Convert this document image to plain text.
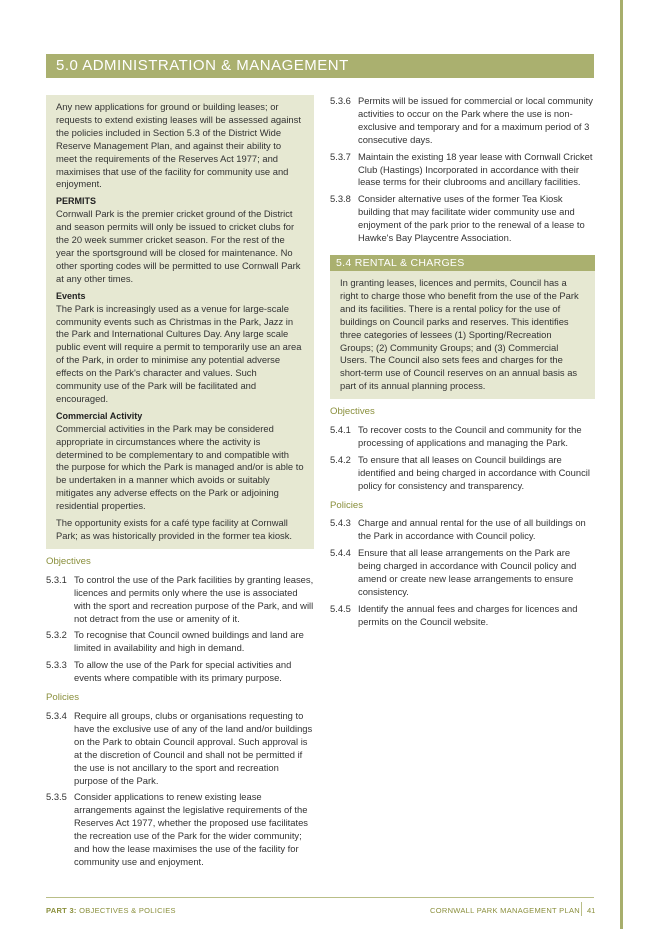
5.0 ADMINISTRATION & MANAGEMENT

Any new applications for ground or building leases; or requests to extend existing leases will be assessed against the policies included in Section 5.3 of the District Wide Reserve Management Plan, and against their ability to meet the requirements of the Reserves Act 1977; and maximises that use of the facility for community use and enjoyment.

PERMITS

Cornwall Park is the premier cricket ground of the District and season permits will only be issued to cricket clubs for the 20 week summer cricket season. For the rest of the year the sportsground will be closed for maintenance. No other sporting codes will be permitted to use Cornwall Park at any other times.

Events

The Park is increasingly used as a venue for large-scale community events such as Christmas in the Park, Jazz in the Park and International Cultures Day. Any large scale public event will require a permit to temporarily use an area of the Park, in order to minimise any potential adverse effects on the Park's character and values. Such community use of the Park will be facilitated and encouraged.

Commercial Activity

Commercial activities in the Park may be considered appropriate in circumstances where the activity is determined to be complementary to and compatible with the purpose for which the Park is managed and/or is able to be undertaken in a manner which avoids or suitably mitigates any adverse effects on the Park or adjoining residential properties.

The opportunity exists for a café type facility at Cornwall Park; as was historically provided in the former tea kiosk.

Objectives
5.3.1 To control the use of the Park facilities by granting leases, licences and permits only where the use is associated with the sport and recreation purpose of the Park, and will not detract from the use or amenity of it.
5.3.2 To recognise that Council owned buildings and land are limited in availability and high in demand.
5.3.3 To allow the use of the Park for special activities and events where compatible with its primary purpose.
Policies
5.3.4 Require all groups, clubs or organisations requesting to have the exclusive use of any of the land and/or buildings on the Park to obtain Council approval. Such approval is at the discretion of Council and shall not be permitted if the use is not ancillary to the sport and recreation purpose of the Park.
5.3.5 Consider applications to renew existing lease arrangements against the legislative requirements of the Reserves Act 1977, whether the proposed use facilitates the recreation use of the Park for the wider community; and how the lease maximises the use of the facility for community use and enjoyment.
5.3.6 Permits will be issued for commercial or local community activities to occur on the Park where the use is non-exclusive and temporary and for a maximum period of 3 consecutive days.
5.3.7 Maintain the existing 18 year lease with Cornwall Cricket Club (Hastings) Incorporated in accordance with their lease terms for their clubrooms and ancillary facilities.
5.3.8 Consider alternative uses of the former Tea Kiosk building that may facilitate wider community use and enjoyment of the park prior to the renewal of a lease to Hawke's Bay Playcentre Association.
5.4 RENTAL & CHARGES

In granting leases, licences and permits, Council has a right to charge those who benefit from the use of the Park and its facilities. There is a rental policy for the use of buildings on Council parks and reserves. This identifies three categories of lessees (1) Sporting/Recreation Groups; (2) Community Groups; and (3) Commercial Users. The Council also sets fees and charges for the short-term use of Council reserves on an annual basis as part of its annual planning process.

Objectives
5.4.1 To recover costs to the Council and community for the processing of applications and managing the Park.
5.4.2 To ensure that all leases on Council buildings are identified and being charged in accordance with Council policy for consistency and transparency.
Policies
5.4.3 Charge and annual rental for the use of all buildings on the Park in accordance with Council policy.
5.4.4 Ensure that all lease arrangements on the Park are being charged in accordance with Council policy and amend or create new lease arrangements to ensure consistency.
5.4.5 Identify the annual fees and charges for licences and permits on the Council website.
PART 3: OBJECTIVES & POLICIES	CORNWALL PARK MANAGEMENT PLAN 41
